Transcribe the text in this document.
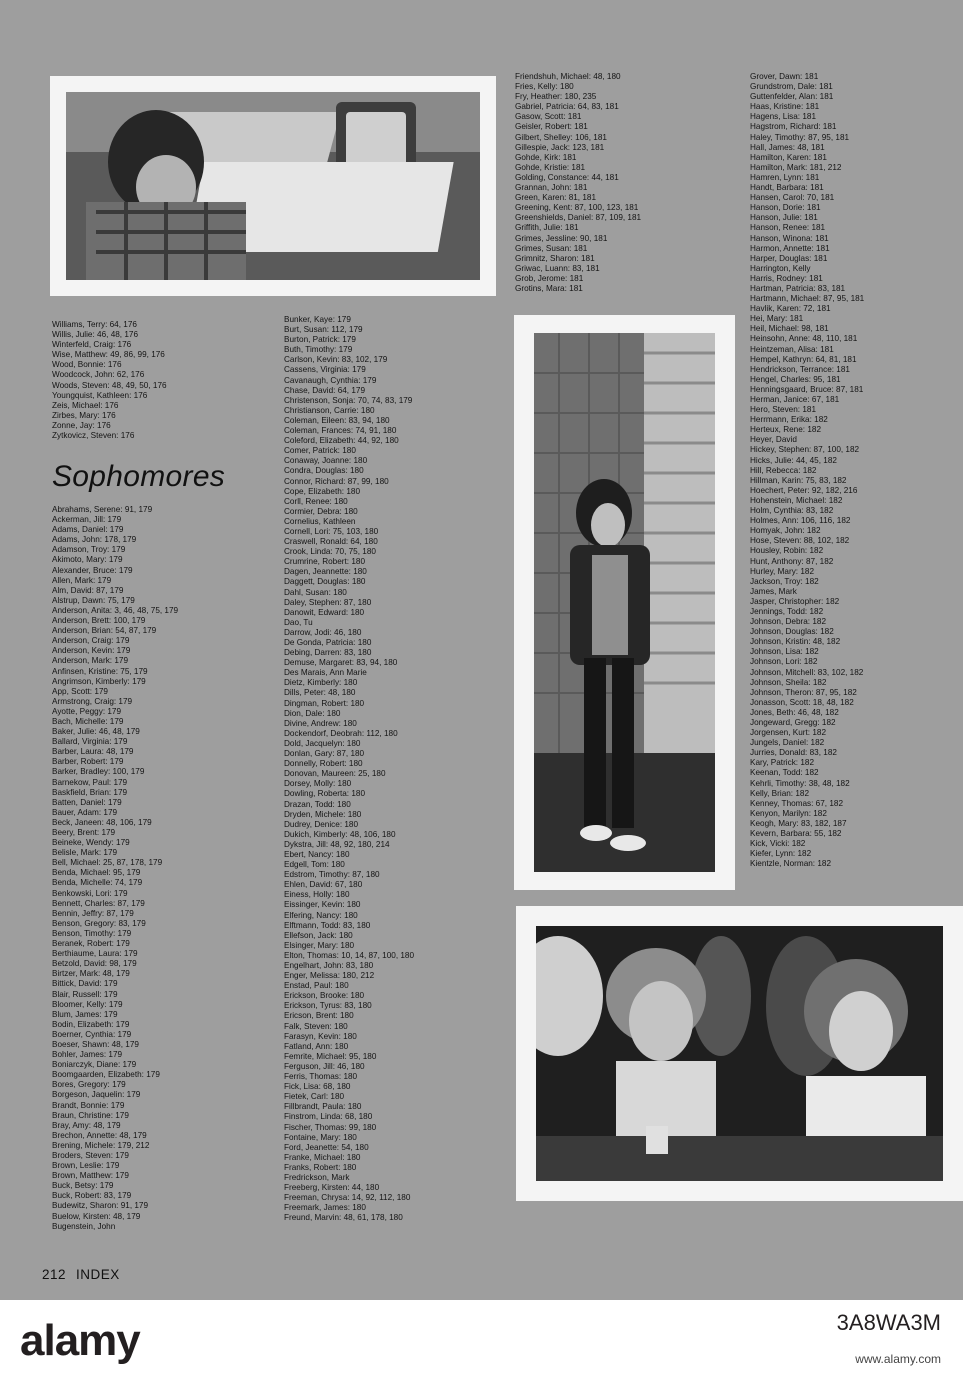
Williams, Terry: 64, 176
Willis, Julie: 46, 48, 176
Winterfeld, Craig: 176
Wise, Matthew: 49, 86, 99, 176
Wood, Bonnie: 176
Woodcock, John: 62, 176
Woods, Steven: 48, 49, 50, 176
Youngquist, Kathleen: 176
Zeis, Michael: 176
Zirbes, Mary: 176
Zonne, Jay: 176
Zytkovicz, Steven: 176
Sophomores
Abrahams, Serene: 91, 179
Ackerman, Jill: 179
Adams, Daniel: 179
Adams, John: 178, 179
Adamson, Troy: 179
Akimoto, Mary: 179
Alexander, Bruce: 179
Allen, Mark: 179
Alm, David: 87, 179
Alstrup, Dawn: 75, 179
Anderson, Anita: 3, 46, 48, 75, 179
Anderson, Brett: 100, 179
Anderson, Brian: 54, 87, 179
Anderson, Craig: 179
Anderson, Kevin: 179
Anderson, Mark: 179
Anfinsen, Kristine: 75, 179
Angrimson, Kimberly: 179
App, Scott: 179
Armstrong, Craig: 179
Ayotte, Peggy: 179
Bach, Michelle: 179
Baker, Julie: 46, 48, 179
Ballard, Virginia: 179
Barber, Laura: 48, 179
Barber, Robert: 179
Barker, Bradley: 100, 179
Barnekow, Paul: 179
Baskfield, Brian: 179
Batten, Daniel: 179
Bauer, Adam: 179
Beck, Janeen: 48, 106, 179
Beery, Brent: 179
Beineke, Wendy: 179
Belisle, Mark: 179
Bell, Michael: 25, 87, 178, 179
Benda, Michael: 95, 179
Benda, Michelle: 74, 179
Benkowski, Lori: 179
Bennett, Charles: 87, 179
Bennin, Jeffry: 87, 179
Benson, Gregory: 83, 179
Benson, Timothy: 179
Beranek, Robert: 179
Berthiaume, Laura: 179
Betzold, David: 98, 179
Birtzer, Mark: 48, 179
Bittick, David: 179
Blair, Russell: 179
Bloomer, Kelly: 179
Blum, James: 179
Bodin, Elizabeth: 179
Boerner, Cynthia: 179
Boeser, Shawn: 48, 179
Bohler, James: 179
Boniarczyk, Diane: 179
Boomgaarden, Elizabeth: 179
Bores, Gregory: 179
Borgeson, Jaquelin: 179
Brandt, Bonnie: 179
Braun, Christine: 179
Bray, Amy: 48, 179
Brechon, Annette: 48, 179
Brening, Michele: 179, 212
Broders, Steven: 179
Brown, Leslie: 179
Brown, Matthew: 179
Buck, Betsy: 179
Buck, Robert: 83, 179
Budewitz, Sharon: 91, 179
Buelow, Kirsten: 48, 179
Bugenstein, John
Bunker, Kaye: 179
Burt, Susan: 112, 179
Burton, Patrick: 179
Buth, Timothy: 179
Carlson, Kevin: 83, 102, 179
Cassens, Virginia: 179
Cavanaugh, Cynthia: 179
Chase, David: 64, 179
Christenson, Sonja: 70, 74, 83, 179
Christianson, Carrie: 180
Coleman, Eileen: 83, 94, 180
Coleman, Frances: 74, 91, 180
Coleford, Elizabeth: 44, 92, 180
Comer, Patrick: 180
Conaway, Joanne: 180
Condra, Douglas: 180
Connor, Richard: 87, 99, 180
Cope, Elizabeth: 180
Corll, Renee: 180
Cormier, Debra: 180
Cornelius, Kathleen
Cornell, Lori: 75, 103, 180
Craswell, Ronald: 64, 180
Crook, Linda: 70, 75, 180
Crumrine, Robert: 180
Dagen, Jeannette: 180
Daggett, Douglas: 180
Dahl, Susan: 180
Daley, Stephen: 87, 180
Danowit, Edward: 180
Dao, Tu
Darrow, Jodi: 46, 180
De Gonda, Patricia: 180
Debing, Darren: 83, 180
Demuse, Margaret: 83, 94, 180
Des Marais, Ann Marie
Dietz, Kimberly: 180
Dills, Peter: 48, 180
Dingman, Robert: 180
Dion, Dale: 180
Divine, Andrew: 180
Dockendorf, Deobrah: 112, 180
Dold, Jacquelyn: 180
Donlan, Gary: 87, 180
Donnelly, Robert: 180
Donovan, Maureen: 25, 180
Dorsey, Molly: 180
Dowling, Roberta: 180
Drazan, Todd: 180
Dryden, Michele: 180
Dudrey, Denice: 180
Dukich, Kimberly: 48, 106, 180
Dykstra, Jill: 48, 92, 180, 214
Ebert, Nancy: 180
Edgell, Tom: 180
Edstrom, Timothy: 87, 180
Ehlen, David: 67, 180
Einess, Holly: 180
Eissinger, Kevin: 180
Elfering, Nancy: 180
Elftmann, Todd: 83, 180
Ellefson, Jack: 180
Elsinger, Mary: 180
Elton, Thomas: 10, 14, 87, 100, 180
Engelhart, John: 83, 180
Enger, Melissa: 180, 212
Enstad, Paul: 180
Erickson, Brooke: 180
Erickson, Tyrus: 83, 180
Ericson, Brent: 180
Falk, Steven: 180
Farasyn, Kevin: 180
Fatland, Ann: 180
Femrite, Michael: 95, 180
Ferguson, Jill: 46, 180
Ferris, Thomas: 180
Fick, Lisa: 68, 180
Fietek, Carl: 180
Fillbrandt, Paula: 180
Finstrom, Linda: 68, 180
Fischer, Thomas: 99, 180
Fontaine, Mary: 180
Ford, Jeanette: 54, 180
Franke, Michael: 180
Franks, Robert: 180
Fredrickson, Mark
Freeberg, Kirsten: 44, 180
Freeman, Chrysa: 14, 92, 112, 180
Freemark, James: 180
Freund, Marvin: 48, 61, 178, 180
Friendshuh, Michael: 48, 180
Fries, Kelly: 180
Fry, Heather: 180, 235
Gabriel, Patricia: 64, 83, 181
Gasow, Scott: 181
Geisler, Robert: 181
Gilbert, Shelley: 106, 181
Gillespie, Jack: 123, 181
Gohde, Kirk: 181
Gohde, Kristie: 181
Golding, Constance: 44, 181
Grannan, John: 181
Green, Karen: 81, 181
Greening, Kent: 87, 100, 123, 181
Greenshields, Daniel: 87, 109, 181
Griffith, Julie: 181
Grimes, Jessline: 90, 181
Grimes, Susan: 181
Grimnitz, Sharon: 181
Griwac, Luann: 83, 181
Grob, Jerome: 181
Grotins, Mara: 181
Grover, Dawn: 181
Grundstrom, Dale: 181
Guttenfelder, Alan: 181
Haas, Kristine: 181
Hagens, Lisa: 181
Hagstrom, Richard: 181
Haley, Timothy: 87, 95, 181
Hall, James: 48, 181
Hamilton, Karen: 181
Hamilton, Mark: 181, 212
Hamren, Lynn: 181
Handt, Barbara: 181
Hansen, Carol: 70, 181
Hanson, Dorie: 181
Hanson, Julie: 181
Hanson, Renee: 181
Hanson, Winona: 181
Harmon, Annette: 181
Harper, Douglas: 181
Harrington, Kelly
Harris, Rodney: 181
Hartman, Patricia: 83, 181
Hartmann, Michael: 87, 95, 181
Havlik, Karen: 72, 181
Hei, Mary: 181
Heil, Michael: 98, 181
Heinsohn, Anne: 48, 110, 181
Heintzeman, Alisa: 181
Hempel, Kathryn: 64, 81, 181
Hendrickson, Terrance: 181
Hengel, Charles: 95, 181
Henningsgaard, Bruce: 87, 181
Herman, Janice: 67, 181
Hero, Steven: 181
Herrmann, Erika: 182
Herteux, Rene: 182
Heyer, David
Hickey, Stephen: 87, 100, 182
Hicks, Julie: 44, 45, 182
Hill, Rebecca: 182
Hillman, Karin: 75, 83, 182
Hoechert, Peter: 92, 182, 216
Hohenstein, Michael: 182
Holm, Cynthia: 83, 182
Holmes, Ann: 106, 116, 182
Homyak, John: 182
Hose, Steven: 88, 102, 182
Housley, Robin: 182
Hunt, Anthony: 87, 182
Hurley, Mary: 182
Jackson, Troy: 182
James, Mark
Jasper, Christopher: 182
Jennings, Todd: 182
Johnson, Debra: 182
Johnson, Douglas: 182
Johnson, Kristin: 48, 182
Johnson, Lisa: 182
Johnson, Lori: 182
Johnson, Mitchell: 83, 102, 182
Johnson, Sheila: 182
Johnson, Theron: 87, 95, 182
Jonasson, Scott: 18, 48, 182
Jones, Beth: 46, 48, 182
Jongeward, Gregg: 182
Jorgensen, Kurt: 182
Jungels, Daniel: 182
Jurries, Donald: 83, 182
Kary, Patrick: 182
Keenan, Todd: 182
Kehrli, Timothy: 38, 48, 182
Kelly, Brian: 182
Kenney, Thomas: 67, 182
Kenyon, Marilyn: 182
Keogh, Mary: 83, 182, 187
Kevern, Barbara: 55, 182
Kick, Vicki: 182
Kiefer, Lynn: 182
Kientzle, Norman: 182
212 INDEX
alamy	3A8WA3M
www.alamy.com
